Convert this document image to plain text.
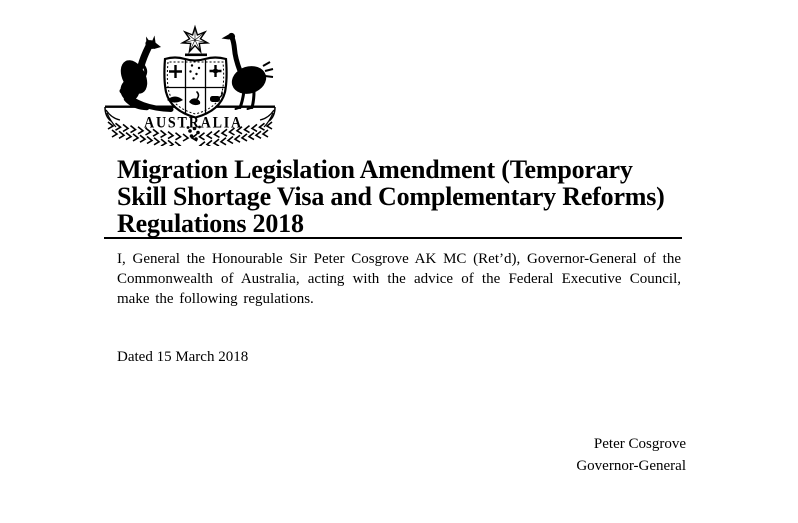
AUSTRALIA
Migration Legislation Amendment (Temporary
Skill Shortage Visa and Complementary Reforms)
Regulations 2018

I, General the Honourable Sir Peter Cosgrove AK MC (Ret’d), Governor-General of the Commonwealth of Australia, acting with the advice of the Federal Executive Council, make the following regulations.

Dated 15 March 2018

Peter Cosgrove
Governor-General
